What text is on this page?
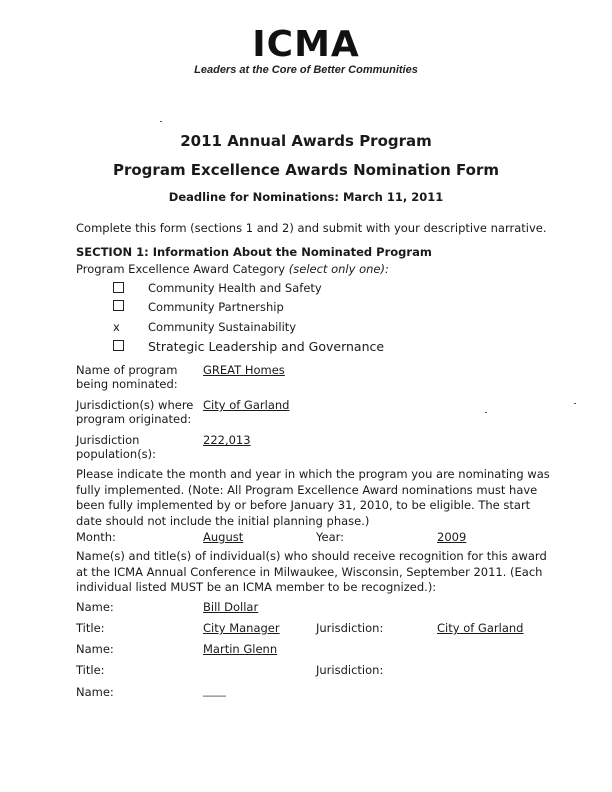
ICMA
Leaders at the Core of Better Communities
2011 Annual Awards Program
Program Excellence Awards Nomination Form
Deadline for Nominations: March 11, 2011
Complete this form (sections 1 and 2) and submit with your descriptive narrative.
SECTION 1: Information About the Nominated Program
Program Excellence Award Category (select only one):
Community Health and Safety
Community Partnership
x Community Sustainability
Strategic Leadership and Governance
Name of program
being nominated:
GREAT Homes
Jurisdiction(s) where
program originated:
City of Garland
Jurisdiction
population(s):
222,013
Please indicate the month and year in which the program you are nominating was
fully implemented. (Note: All Program Excellence Award nominations must have
been fully implemented by or before January 31, 2010, to be eligible. The start
date should not include the initial planning phase.)
Month:	August	Year:	2009
Name(s) and title(s) of individual(s) who should receive recognition for this award
at the ICMA Annual Conference in Milwaukee, Wisconsin, September 2011. (Each
individual listed MUST be an ICMA member to be recognized.):
Name:	Bill Dollar
Title:	City Manager	Jurisdiction:	City of Garland
Name:	Martin Glenn
Title:	Jurisdiction:
Name:	____
